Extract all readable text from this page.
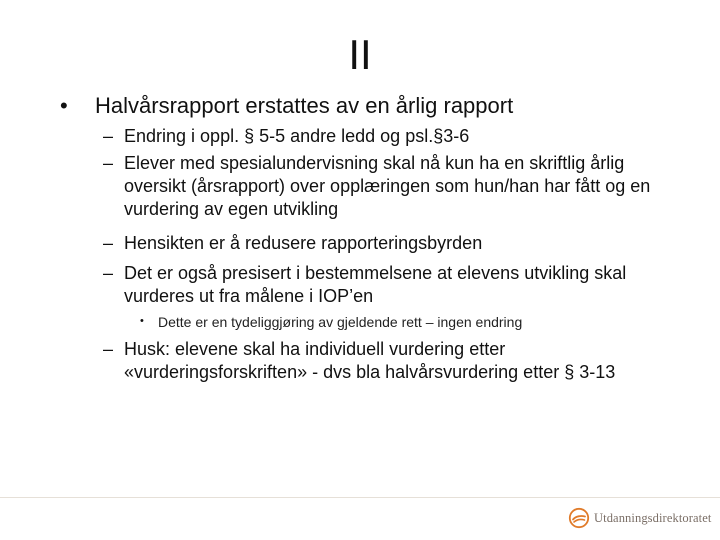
II
• Halvårsrapport erstattes av en årlig rapport
– Endring i oppl. § 5-5 andre ledd og psl.§3-6
– Elever med spesialundervisning skal nå kun ha en skriftlig årlig oversikt (årsrapport) over opplæringen som hun/han har fått og en vurdering av egen utvikling
– Hensikten er å redusere rapporteringsbyrden
– Det er også presisert i bestemmelsene at elevens utvikling skal vurderes ut fra målene i IOP’en
• Dette er en tydeliggjøring av gjeldende rett – ingen endring
– Husk: elevene skal ha individuell vurdering etter «vurderingsforskriften» - dvs bla halvårsvurdering etter § 3-13
Utdanningsdirektoratet
